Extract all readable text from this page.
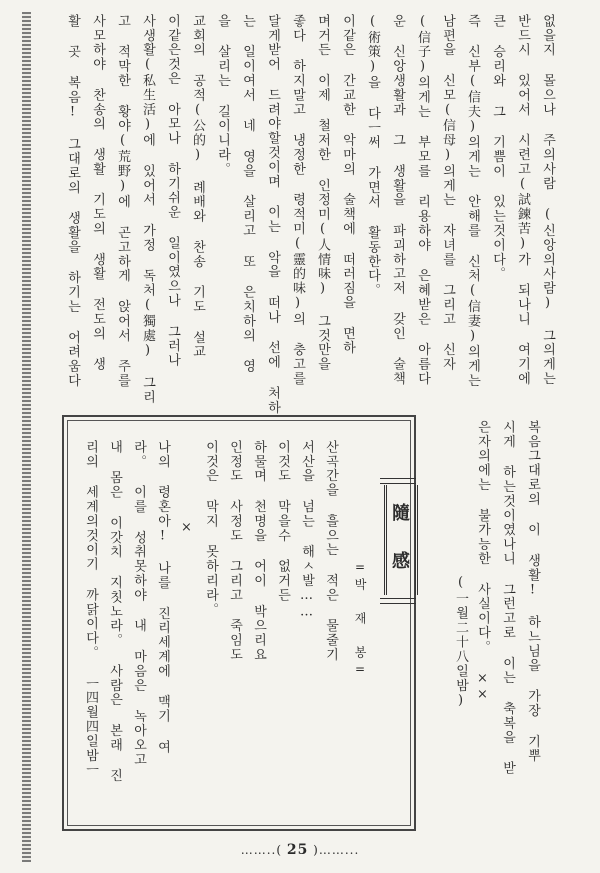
없을지 몰으나 주의사람 (신앙의사람) 그의게는
반드시 있어서 시련고(試鍊苦)가 되나니 여기에
큰 승리와 그 기쁨이 있는것이다。
즉 신부(信夫)의게는 안해를 신처(信妻)의게는
남편을 신모(信母)의게는 자녀를 그리고 신자
(信子)의게는 부모를 리용하야 은혜받은 아름다
운 신앙생활과 그 생활을 파괴하고저 갖인 술책
(術策)을 다ㅡ써 가면서 활동한다。
이같은 간교한 악마의 술책에 떠러짐을 면하
며거든 이제 철저한 인정미(人情味) 그것만을
좋다 하지말고 냉정한 령적미(靈的味)의 충고를
달게받어 드려야할것이며 이는 악을 떠나 선에 처하
는 일이여서 네 영을 살리고 또 은치하의 영
을 살리는 길이니라。
교회의 공적(公的) 례배와 찬송 기도 설교
이같은것은 아모나 하기쉬운 일이였으나 그러나
사생활(私生活)에 있어서 가정 독처(獨處) 그리
고 적막한 황야(荒野)에 곤고하게 앉어서 주를
사모하야 찬송의 생활 기도의 생활 전도의 생
활 곳 복음! 그대로의 생활을 하기는 어려움다
복음그대로의 이 생활! 하느님을 가장 기뿌
시게 하는것이였나니 그런고로 이는 축복을 받
은자의에는 불가능한 사실이다。 ××
(一월二十八일밤)
隨
感
=박 재 봉=
산곡간을 흘으는 적은 물줄기
서산을 넘는 해ㅅ발……
이것도 막을수 없거든
하물며 천명을 어이 박으리요
인정도 사정도 그리고 죽임도
이것은 막지 못하리라。
×
나의 령혼아! 나를 진리세계에 맥기 여
라。 이를 성취못하야 내 마음은 녹아오고
내 몸은 이갓치 지칫노라。 사람은 본래 진
리의 세계의것이기 까닭이다。 ㅡ四월四일밤ㅡ
……..( 25 )……...
